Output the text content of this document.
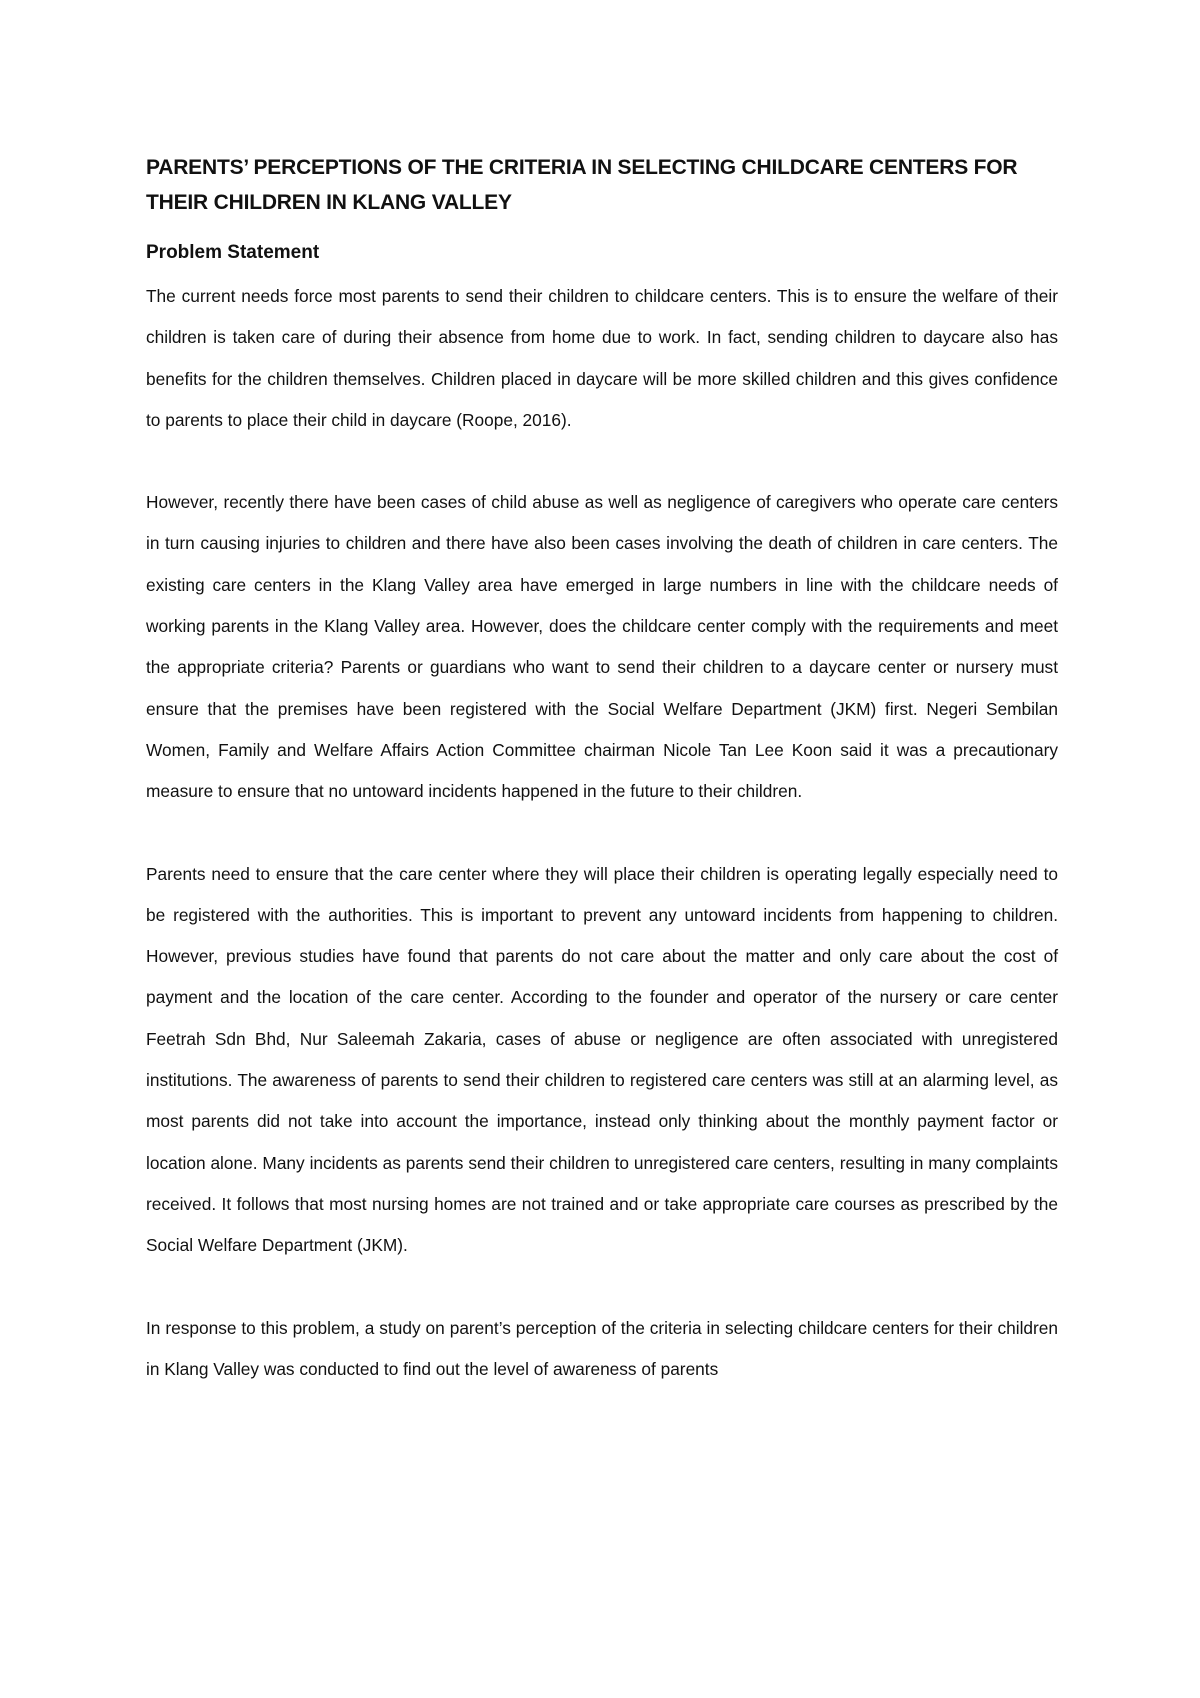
PARENTS’ PERCEPTIONS OF THE CRITERIA IN SELECTING CHILDCARE CENTERS FOR THEIR CHILDREN IN KLANG VALLEY
Problem Statement

The current needs force most parents to send their children to childcare centers. This is to ensure the welfare of their children is taken care of during their absence from home due to work. In fact, sending children to daycare also has benefits for the children themselves. Children placed in daycare will be more skilled children and this gives confidence to parents to place their child in daycare (Roope, 2016).

However, recently there have been cases of child abuse as well as negligence of caregivers who operate care centers in turn causing injuries to children and there have also been cases involving the death of children in care centers. The existing care centers in the Klang Valley area have emerged in large numbers in line with the childcare needs of working parents in the Klang Valley area. However, does the childcare center comply with the requirements and meet the appropriate criteria? Parents or guardians who want to send their children to a daycare center or nursery must ensure that the premises have been registered with the Social Welfare Department (JKM) first. Negeri Sembilan Women, Family and Welfare Affairs Action Committee chairman Nicole Tan Lee Koon said it was a precautionary measure to ensure that no untoward incidents happened in the future to their children.

Parents need to ensure that the care center where they will place their children is operating legally especially need to be registered with the authorities. This is important to prevent any untoward incidents from happening to children. However, previous studies have found that parents do not care about the matter and only care about the cost of payment and the location of the care center. According to the founder and operator of the nursery or care center Feetrah Sdn Bhd, Nur Saleemah Zakaria, cases of abuse or negligence are often associated with unregistered institutions. The awareness of parents to send their children to registered care centers was still at an alarming level, as most parents did not take into account the importance, instead only thinking about the monthly payment factor or location alone. Many incidents as parents send their children to unregistered care centers, resulting in many complaints received. It follows that most nursing homes are not trained and or take appropriate care courses as prescribed by the Social Welfare Department (JKM).

In response to this problem, a study on parent’s perception of the criteria in selecting childcare centers for their children in Klang Valley was conducted to find out the level of awareness of parents
